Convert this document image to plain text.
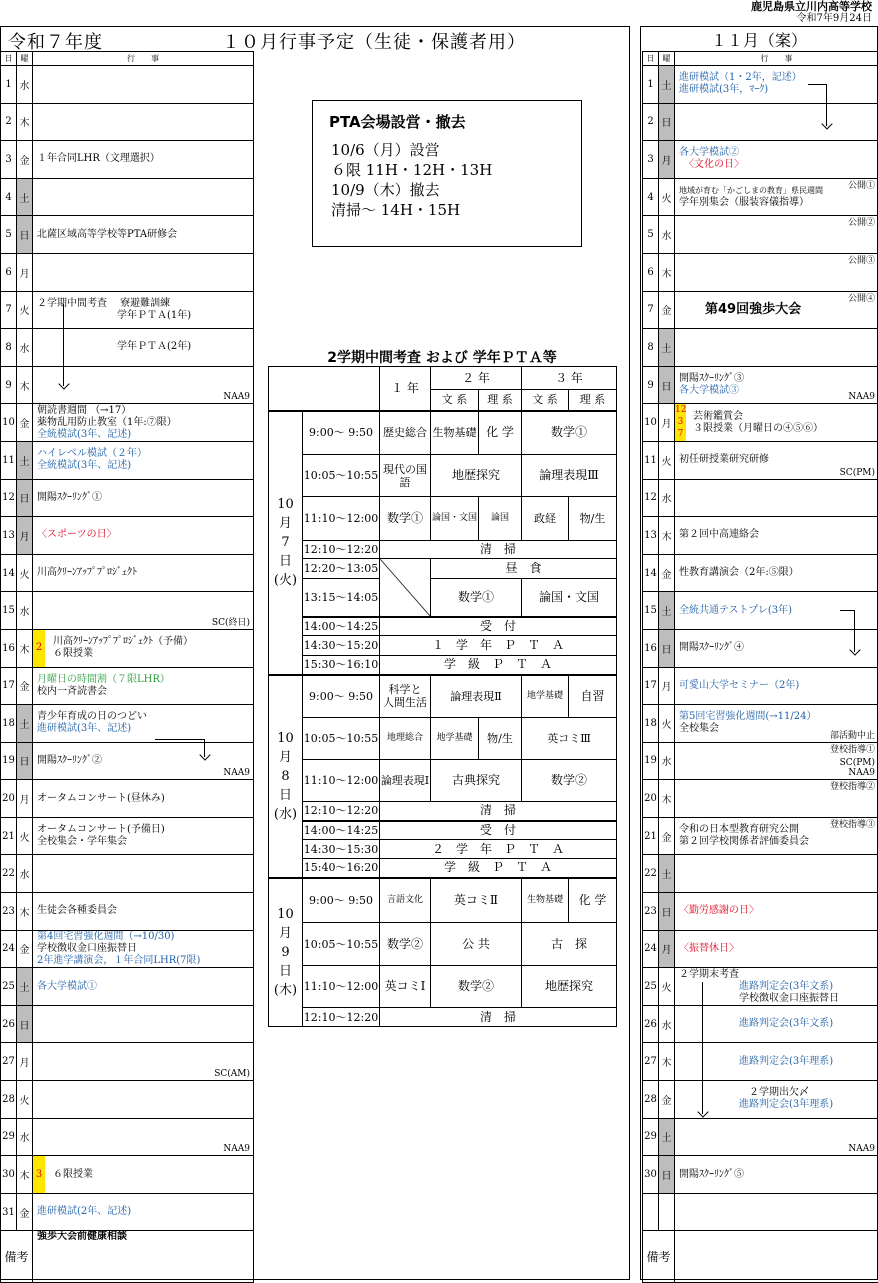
鹿児島県立川内高等学校
令和7年9月24日
令和７年度	１０月行事予定（生徒・保護者用）	１１月（案）
日	曜	行　　事
1	水	

2	木	

3	金	１年合同LHR（文理選択）

4	土	

5	日	北薩区域高等学校等PTA研修会

6	月	

7	火	２学期中間考査　 寮避難訓練
　　　　　　　　学年ＰＴＡ(1年)

8	水	　　　　　　　　学年ＰＴＡ(2年)

9	木	NAA9

10	金	朝読書週間 （→17）
薬物乱用防止教室（1年:⑦限）
全統模試(3年、記述)

11	土	ハイレベル模試（２年）
全統模試(3年、記述)

12	日	開陽ｽｸｰﾘﾝｸﾞ①

13	月	〈スポーツの日〉

14	火	川高ｸﾘｰﾝｱｯﾌﾟﾌﾟﾛｼﾞｪｸﾄ

15	水	SC(終日)

16	木	2
川高ｸﾘｰﾝｱｯﾌﾟﾌﾟﾛｼﾞｪｸﾄ（予備）
６限授業

17	金	月曜日の時間割（７限LHR）
校内一斉読書会

18	土	青少年育成の日のつどい
進研模試(3年、記述)

19	日	開陽ｽｸｰﾘﾝｸﾞ②
NAA9

20	月	オータムコンサート(昼休み)

21	火	オータムコンサート(予備日)
全校集会・学年集会

22	水	

23	木	生徒会各種委員会

24	金	第4回宅習強化週間（→10/30)
学校徴収金口座振替日
2年進学講演会，１年合同LHR(7限)

25	土	各大学模試①

26	日	

27	月	SC(AM)

28	火	

29	水	NAA9

30	木	3 ６限授業

31	金	進研模試(2年、記述)

備考		強歩大会前健康相談
日	曜	行　　事
1	土	進研模試（1・2年，記述）
進研模試(3年，ﾏｰｸ)

2	日	

3	月	各大学模試②
　〈文化の日〉

4	火	公開①
地域が育む「かごしまの教育」県民週間
学年別集会（服装容儀指導）

5	水	公開②

6	木	公開③

7	金	公開④
　　第49回強歩大会

8	土	

9	日	開陽ｽｸｰﾘﾝｸﾞ③
各大学模試③
NAA9

10	月	12
3
7
芸術鑑賞会
３限授業（月曜日の④⑤⑥）

11	火	初任研授業研究研修
SC(PM)

12	水	

13	木	第２回中高連絡会

14	金	性教育講演会（2年:⑤限）

15	土	全統共通テストプレ(3年)

16	日	開陽ｽｸｰﾘﾝｸﾞ④

17	月	可愛山大学セミナー（2年)

18	火	第5回宅習強化週間(→11/24）
全校集会
部活動中止

19	水	登校指導①
SC(PM)
NAA9

20	木	登校指導②

21	金	登校指導③
令和の日本型教育研究公開
第２回学校関係者評価委員会

22	土	

23	日	〈勤労感謝の日〉

24	月	〈振替休日〉

25	火	２学期末考査
　　　　　　進路判定会(3年文系)
　　　　　　学校徴収金口座振替日

26	水	　　　　　　進路判定会(3年文系)

27	木	　　　　　　進路判定会(3年理系)

28	金	　　　　　　　２学期出欠〆
　　　　　　進路判定会(3年理系)

29	土	NAA9

30	日	開陽ｽｸｰﾘﾝｸﾞ⑤

備考		
PTA会場設営・撤去
10/6（月）設営
６限 11H・12H・13H
10/9（木）撤去
清掃～ 14H・15H
2学期中間考査 および 学年ＰＴＡ等
		１ 年	２ 年		３ 年	
			文 系	理 系	文 系	理 系
10
月
7
日
(火)	9:00～ 9:50	歴史総合	生物基礎	化 学	数学①	
	10:05～10:55	現代の国語	地歴探究		論理表現Ⅲ	
	11:10～12:00	数学①	論国・文国	論国	政経	物/生
	12:10～12:20	清　掃				
	12:20～13:05		昼　食			
	13:15～14:05		数学①		論国・文国	
	14:00～14:25	受　付				
	14:30～15:20	１　学　年　Ｐ　Ｔ　Ａ				
	15:30～16:10	学　級　Ｐ　Ｔ　Ａ				
10
月
8
日
(水)	9:00～ 9:50	科学と
人間生活	論理表現Ⅱ		地学基礎	自習
	10:05～10:55	地理総合	地学基礎	物/生	英コミⅢ	
	11:10～12:00	論理表現Ⅰ	古典探究		数学②	
	12:10～12:20	清　掃				
	14:00～14:25	受　付				
	14:30～15:30	２　学　年　Ｐ　Ｔ　Ａ				
	15:40～16:20	学　級　Ｐ　Ｔ　Ａ				
10
月
9
日
(木)	9:00～ 9:50	言語文化	英コミⅡ		生物基礎	化 学
	10:05～10:55	数学②	公 共		古　探	
	11:10～12:00	英コミⅠ	数学②		地歴探究	
	12:10～12:20	清　掃				
